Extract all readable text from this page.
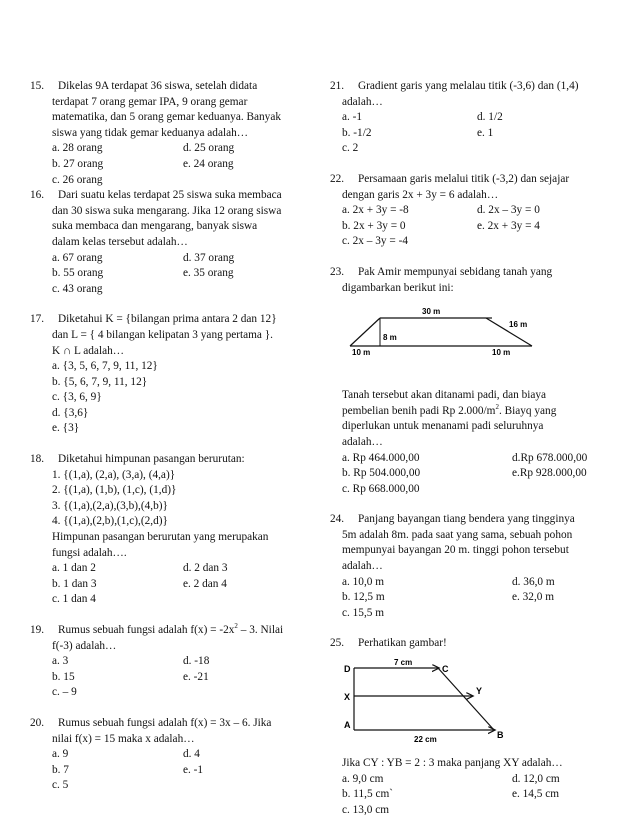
15.	Dikelas 9A terdapat 36 siswa, setelah didata
terdapat 7 orang gemar IPA, 9 orang gemar
matematika, dan 5 orang gemar keduanya. Banyak
siswa yang tidak gemar keduanya adalah…
a. 28 orang	d. 25 orang
b. 27 orang	e. 24 orang
c. 26 orang
16.	Dari suatu kelas terdapat 25 siswa suka membaca
dan 30 siswa suka mengarang. Jika 12 orang siswa
suka membaca dan mengarang, banyak siswa
dalam kelas tersebut adalah…
a. 67 orang	d. 37 orang
b. 55 orang	e. 35 orang
c. 43 orang
17.	Diketahui K = {bilangan prima antara 2 dan 12}
dan L = { 4 bilangan kelipatan 3 yang pertama }.
K ∩ L adalah…
a. {3, 5, 6, 7, 9, 11, 12}
b. {5, 6, 7, 9, 11, 12}
c. {3, 6, 9}
d. {3,6}
e. {3}
18.	Diketahui himpunan pasangan berurutan:
1. {(1,a), (2,a), (3,a), (4,a)}
2. {(1,a), (1,b), (1,c), (1,d)}
3. {(1,a),(2,a),(3,b),(4,b)}
4. {(1,a),(2,b),(1,c),(2,d)}
Himpunan pasangan berurutan yang merupakan
fungsi adalah….
a. 1 dan 2	d. 2 dan 3
b. 1 dan 3	e. 2 dan 4
c. 1 dan 4
19.	Rumus sebuah fungsi adalah $f(x) = -2x^2 - 3$. Nilai
f(-3) adalah…
a. 3	d. -18
b. 15	e. -21
c. – 9
20.	Rumus sebuah fungsi adalah f(x) = 3x – 6. Jika
nilai f(x) = 15 maka x adalah…
a. 9	d. 4
b. 7	e. -1
c. 5
21.	Gradient garis yang melalau titik (-3,6) dan (1,4)
adalah…
a. -1	d. 1/2
b. -1/2	e. 1
c. 2
22.	Persamaan garis melalui titik (-3,2) dan sejajar
dengan garis 2x + 3y = 6 adalah…
a. 2x + 3y = -8	d. 2x – 3y = 0
b. 2x + 3y = 0	e. 2x + 3y = 4
c. 2x – 3y = -4
23.	Pak Amir mempunyai sebidang tanah yang
digambarkan berikut ini:
30 m
16 m
10 m
8 m
10 m
Tanah tersebut akan ditanami padi, dan biaya
pembelian benih padi Rp $2.000/m^2$. Biayq yang
diperlukan untuk menanami padi seluruhnya
adalah…
a. Rp 464.000,00	d.Rp 678.000,00
b. Rp 504.000,00	e.Rp 928.000,00
c. Rp 668.000,00
24.	Panjang bayangan tiang bendera yang tingginya
5m adalah 8m. pada saat yang sama, sebuah pohon
mempunyai bayangan 20 m. tinggi pohon tersebut
adalah…
a. 10,0 m	d. 36,0 m
b. 12,5 m	e. 32,0 m
c. 15,5 m
25.	Perhatikan gambar!
D	C
X
Y
A
B
7 cm
22 cm
Jika CY : YB = 2 : 3 maka panjang XY adalah…
a. 9,0 cm	d. 12,0 cm
b. 11,5 cm`	e. 14,5 cm
c. 13,0 cm
